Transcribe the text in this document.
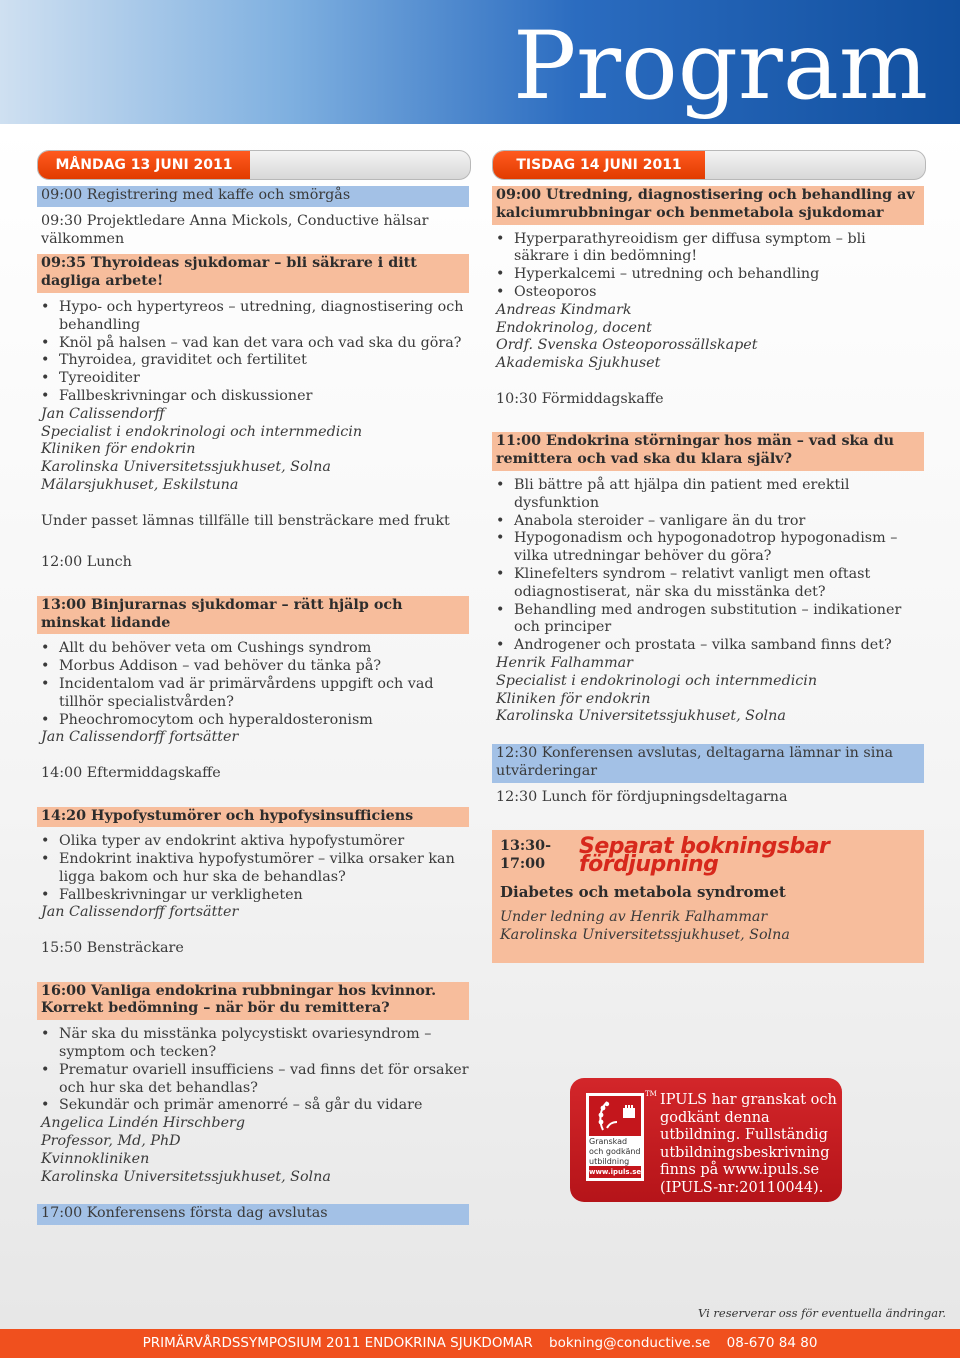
Program
MÅNDAG 13 JUNI 2011	TISDAG 14 JUNI 2011
09:00 Registrering med kaffe och smörgås
09:30 Projektledare Anna Mickols, Conductive hälsar välkommen
09:35 Thyroideas sjukdomar – bli säkrare i ditt dagliga arbete!
• Hypo- och hypertyreos – utredning, diagnostisering och behandling
• Knöl på halsen – vad kan det vara och vad ska du göra?
• Thyroidea, graviditet och fertilitet
• Tyreoiditer
• Fallbeskrivningar och diskussioner
Jan Calissendorff
Specialist i endokrinologi och internmedicin
Kliniken för endokrin
Karolinska Universitetssjukhuset, Solna
Mälarsjukhuset, Eskilstuna
Under passet lämnas tillfälle till bensträckare med frukt
12:00 Lunch
13:00 Binjurarnas sjukdomar – rätt hjälp och minskat lidande
• Allt du behöver veta om Cushings syndrom
• Morbus Addison – vad behöver du tänka på?
• Incidentalom vad är primärvårdens uppgift och vad tillhör specialistvården?
• Pheochromocytom och hyperaldosteronism
Jan Calissendorff fortsätter
14:00 Eftermiddagskaffe
14:20 Hypofystumörer och hypofysinsufficiens
• Olika typer av endokrint aktiva hypofystumörer
• Endokrint inaktiva hypofystumörer – vilka orsaker kan ligga bakom och hur ska de behandlas?
• Fallbeskrivningar ur verkligheten
Jan Calissendorff fortsätter
15:50 Bensträckare
16:00 Vanliga endokrina rubbningar hos kvinnor. Korrekt bedömning – när bör du remittera?
• När ska du misstänka polycystiskt ovariesyndrom – symptom och tecken?
• Prematur ovariell insufficiens – vad finns det för orsaker och hur ska det behandlas?
• Sekundär och primär amenorré – så går du vidare
Angelica Lindén Hirschberg
Professor, Md, PhD
Kvinnokliniken
Karolinska Universitetssjukhuset, Solna
17:00 Konferensens första dag avslutas
09:00 Utredning, diagnostisering och behandling av kalciumrubbningar och benmetabola sjukdomar
• Hyperparathyreoidism ger diffusa symptom – bli säkrare i din bedömning!
• Hyperkalcemi – utredning och behandling
• Osteoporos
Andreas Kindmark
Endokrinolog, docent
Ordf. Svenska Osteoporossällskapet
Akademiska Sjukhuset
10:30 Förmiddagskaffe
11:00 Endokrina störningar hos män – vad ska du remittera och vad ska du klara själv?
• Bli bättre på att hjälpa din patient med erektil dysfunktion
• Anabola steroider – vanligare än du tror
• Hypogonadism och hypogonadotrop hypogonadism – vilka utredningar behöver du göra?
• Klinefelters syndrom – relativt vanligt men oftast odiagnostiserat, när ska du misstänka det?
• Behandling med androgen substitution – indikationer och principer
• Androgener och prostata – vilka samband finns det?
Henrik Falhammar
Specialist i endokrinologi och internmedicin
Kliniken för endokrin
Karolinska Universitetssjukhuset, Solna
12:30 Konferensen avslutas, deltagarna lämnar in sina utvärderingar
12:30 Lunch för fördjupningsdeltagarna
13:30-17:00
Separat bokningsbar fördjupning
Diabetes och metabola syndromet
Under ledning av Henrik Falhammar
Karolinska Universitetssjukhuset, Solna
Granskad
och godkänd
utbildning
www.ipuls.se
TM IPULS har granskat och godkänt denna utbildning. Fullständig utbildningsbeskrivning finns på www.ipuls.se (IPULS-nr:20110044).
Vi reserverar oss för eventuella ändringar.
PRIMÄRVÅRDSSYMPOSIUM 2011 ENDOKRINA SJUKDOMAR bokning@conductive.se 08-670 84 80
